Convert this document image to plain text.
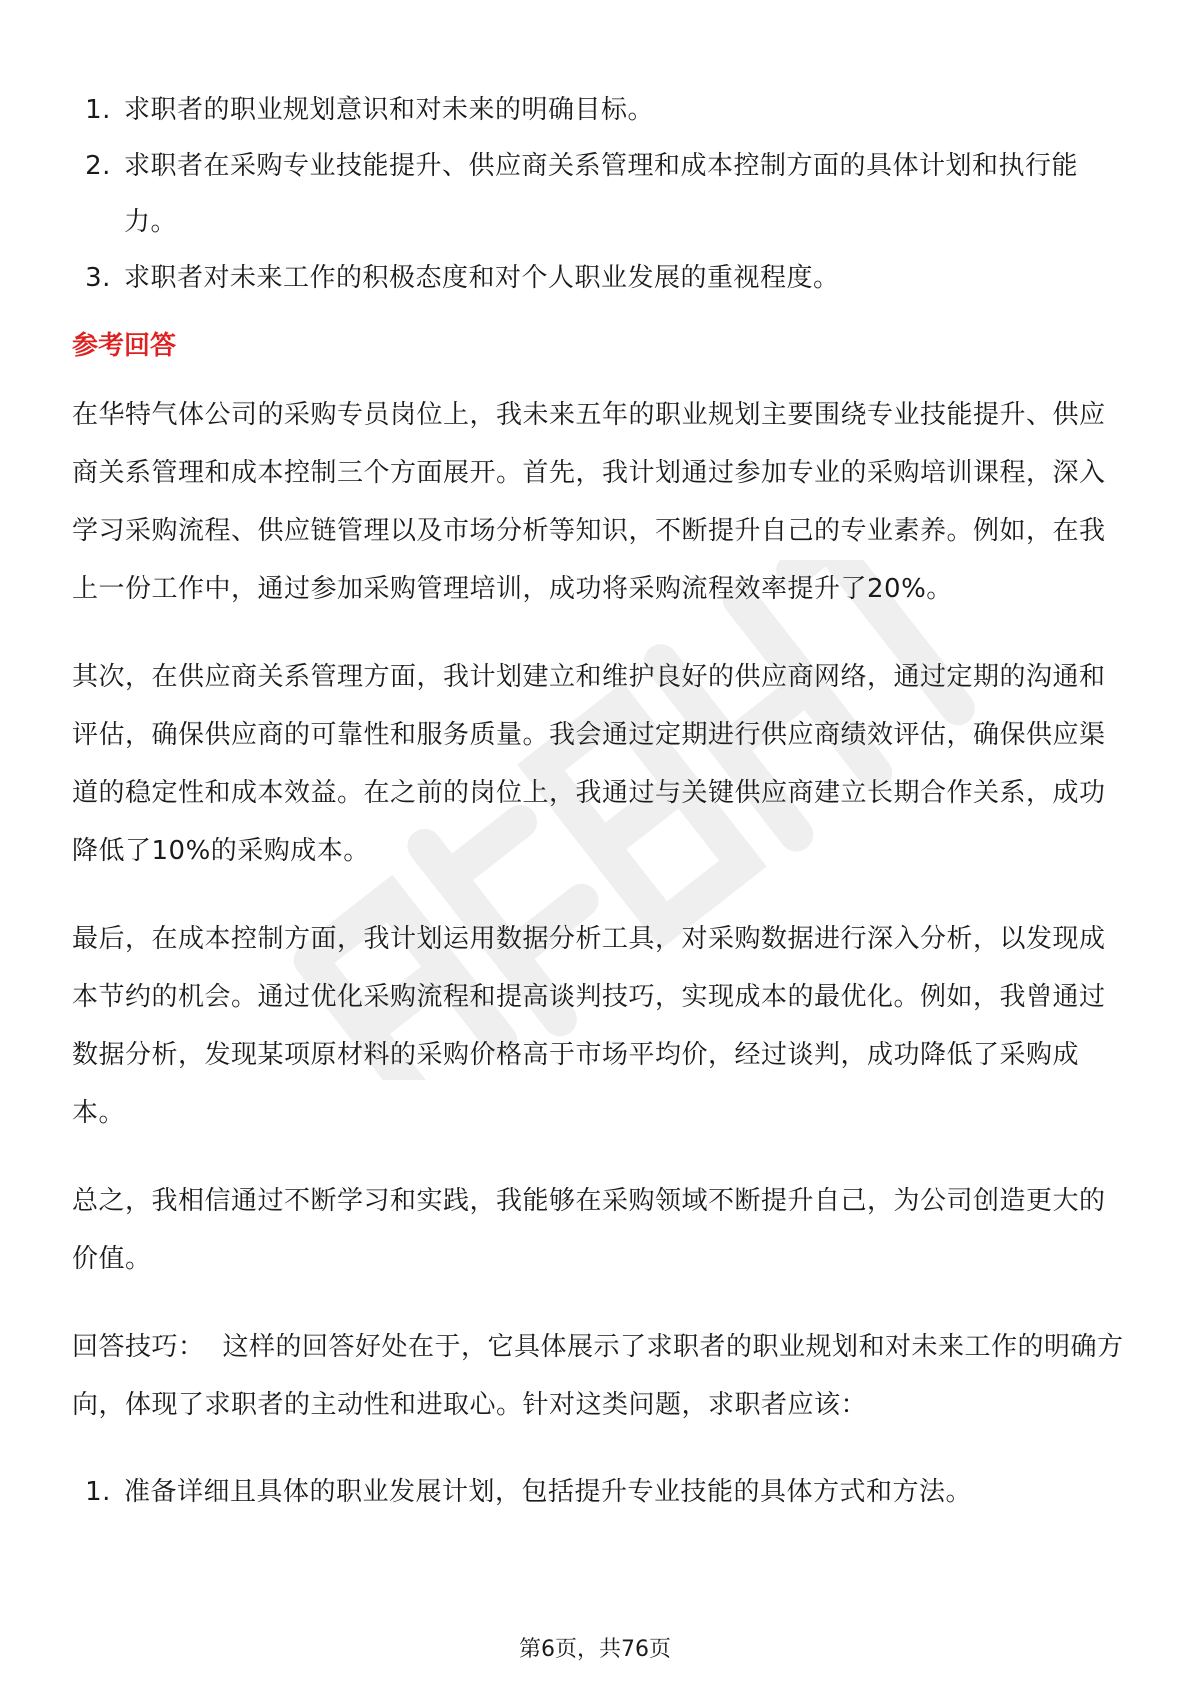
1. 求职者的职业规划意识和对未来的明确目标。
2. 求职者在采购专业技能提升、供应商关系管理和成本控制方面的具体计划和执行能力。
3. 求职者对未来工作的积极态度和对个人职业发展的重视程度。
参考回答

在华特气体公司的采购专员岗位上，我未来五年的职业规划主要围绕专业技能提升、供应商关系管理和成本控制三个方面展开。首先，我计划通过参加专业的采购培训课程，深入学习采购流程、供应链管理以及市场分析等知识，不断提升自己的专业素养。例如，在我上一份工作中，通过参加采购管理培训，成功将采购流程效率提升了20%。

其次，在供应商关系管理方面，我计划建立和维护良好的供应商网络，通过定期的沟通和评估，确保供应商的可靠性和服务质量。我会通过定期进行供应商绩效评估，确保供应渠道的稳定性和成本效益。在之前的岗位上，我通过与关键供应商建立长期合作关系，成功降低了10%的采购成本。

最后，在成本控制方面，我计划运用数据分析工具，对采购数据进行深入分析，以发现成本节约的机会。通过优化采购流程和提高谈判技巧，实现成本的最优化。例如，我曾通过数据分析，发现某项原材料的采购价格高于市场平均价，经过谈判，成功降低了采购成本。

总之，我相信通过不断学习和实践，我能够在采购领域不断提升自己，为公司创造更大的价值。

回答技巧： 这样的回答好处在于，它具体展示了求职者的职业规划和对未来工作的明确方向，体现了求职者的主动性和进取心。针对这类问题，求职者应该：

1. 准备详细且具体的职业发展计划，包括提升专业技能的具体方式和方法。
第6页，共76页
